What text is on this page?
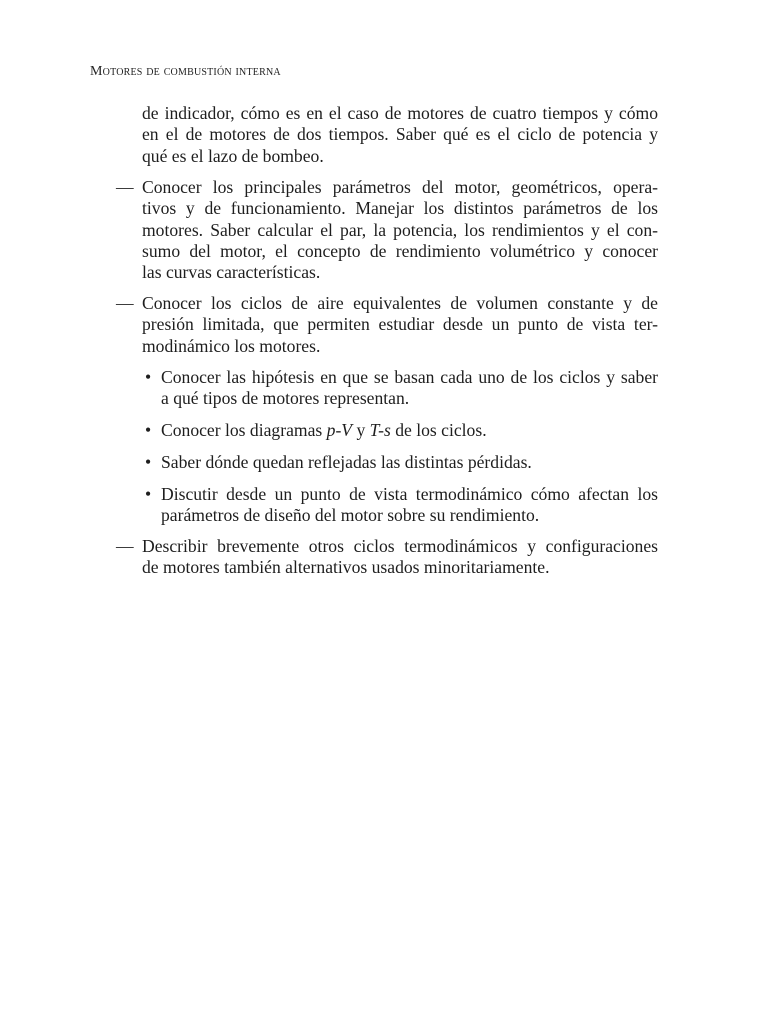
Motores de combustión interna
de indicador, cómo es en el caso de motores de cuatro tiempos y cómo
en el de motores de dos tiempos. Saber qué es el ciclo de potencia y
qué es el lazo de bombeo.
— Conocer los principales parámetros del motor, geométricos, opera-
tivos y de funcionamiento. Manejar los distintos parámetros de los
motores. Saber calcular el par, la potencia, los rendimientos y el con-
sumo del motor, el concepto de rendimiento volumétrico y conocer
las curvas características.
— Conocer los ciclos de aire equivalentes de volumen constante y de
presión limitada, que permiten estudiar desde un punto de vista ter-
modinámico los motores.
• Conocer las hipótesis en que se basan cada uno de los ciclos y saber
a qué tipos de motores representan.
• Conocer los diagramas p-V y T-s de los ciclos.
• Saber dónde quedan reflejadas las distintas pérdidas.
• Discutir desde un punto de vista termodinámico cómo afectan los
parámetros de diseño del motor sobre su rendimiento.
— Describir brevemente otros ciclos termodinámicos y configuraciones
de motores también alternativos usados minoritariamente.
